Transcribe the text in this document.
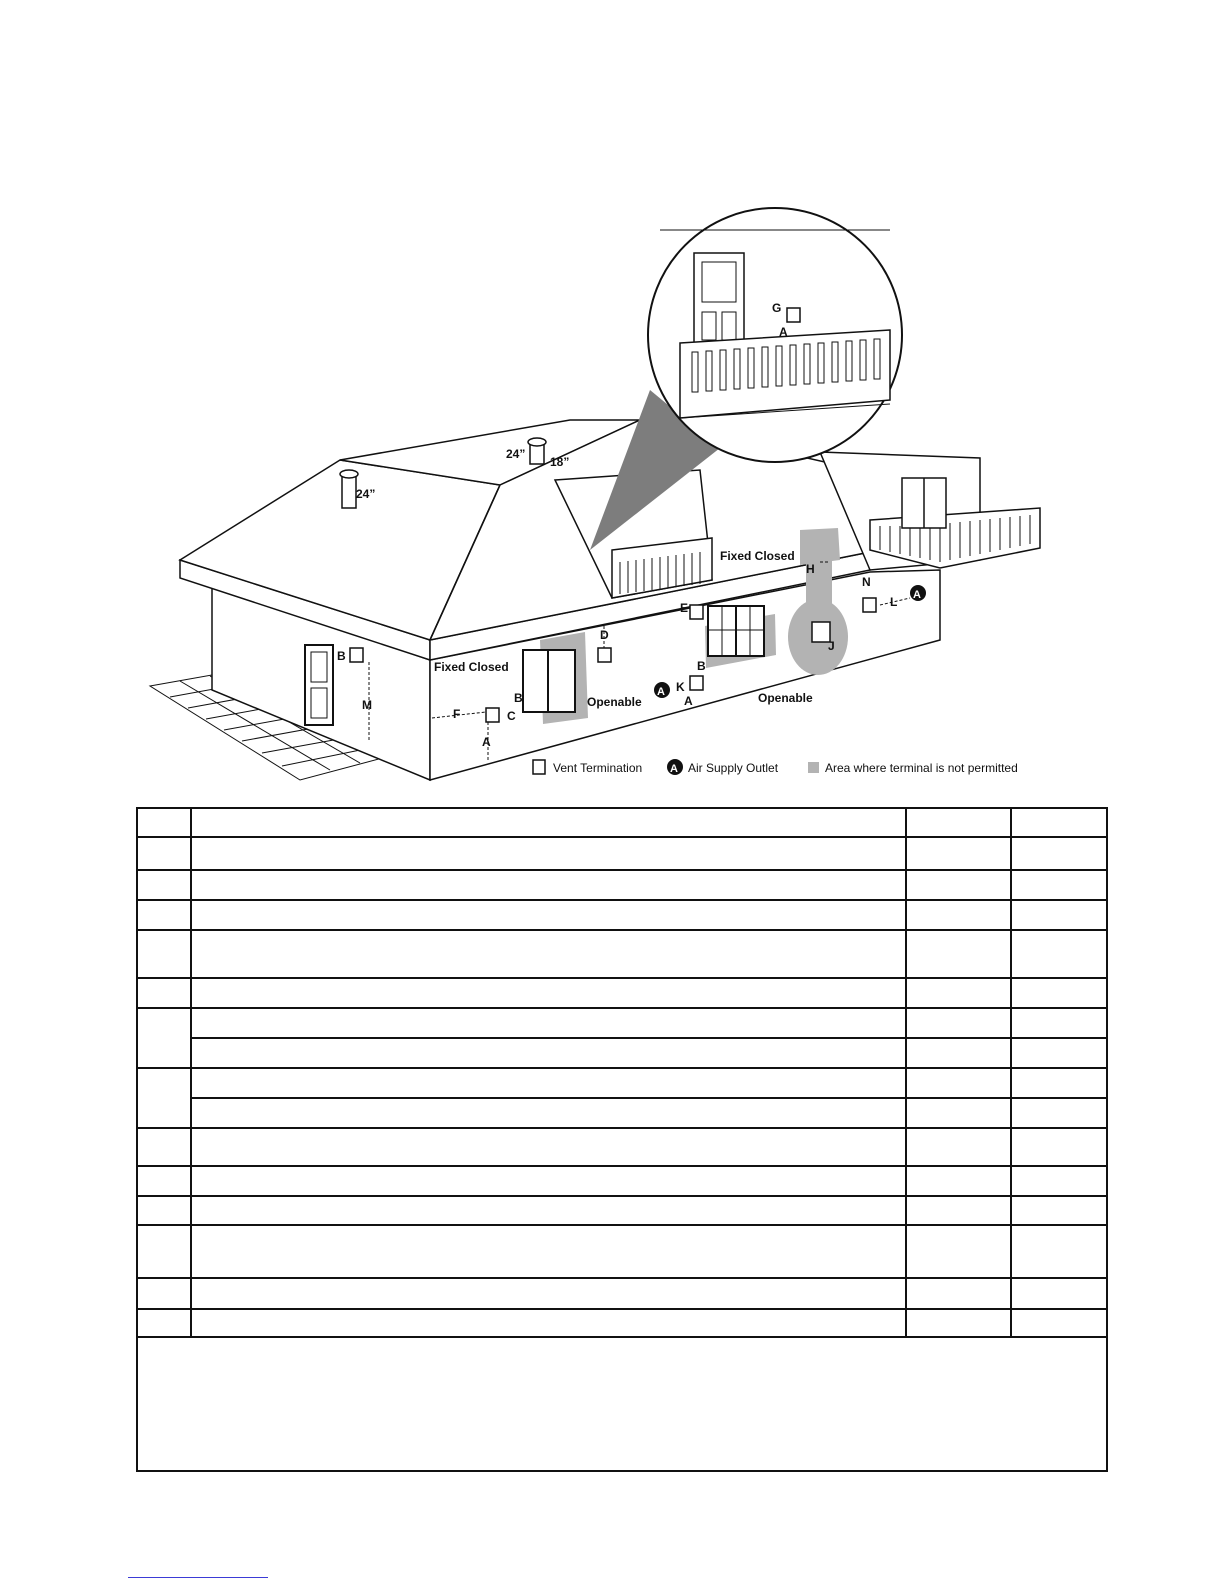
24”
24”
18”
Fixed Closed
Fixed Closed
Openable	Openable
B
M
F
A
C
B
D
E
B
K
A
H
J
N
L
G
A
A
A
Vent Termination	A Air Supply Outlet	Area where terminal is not permitted
